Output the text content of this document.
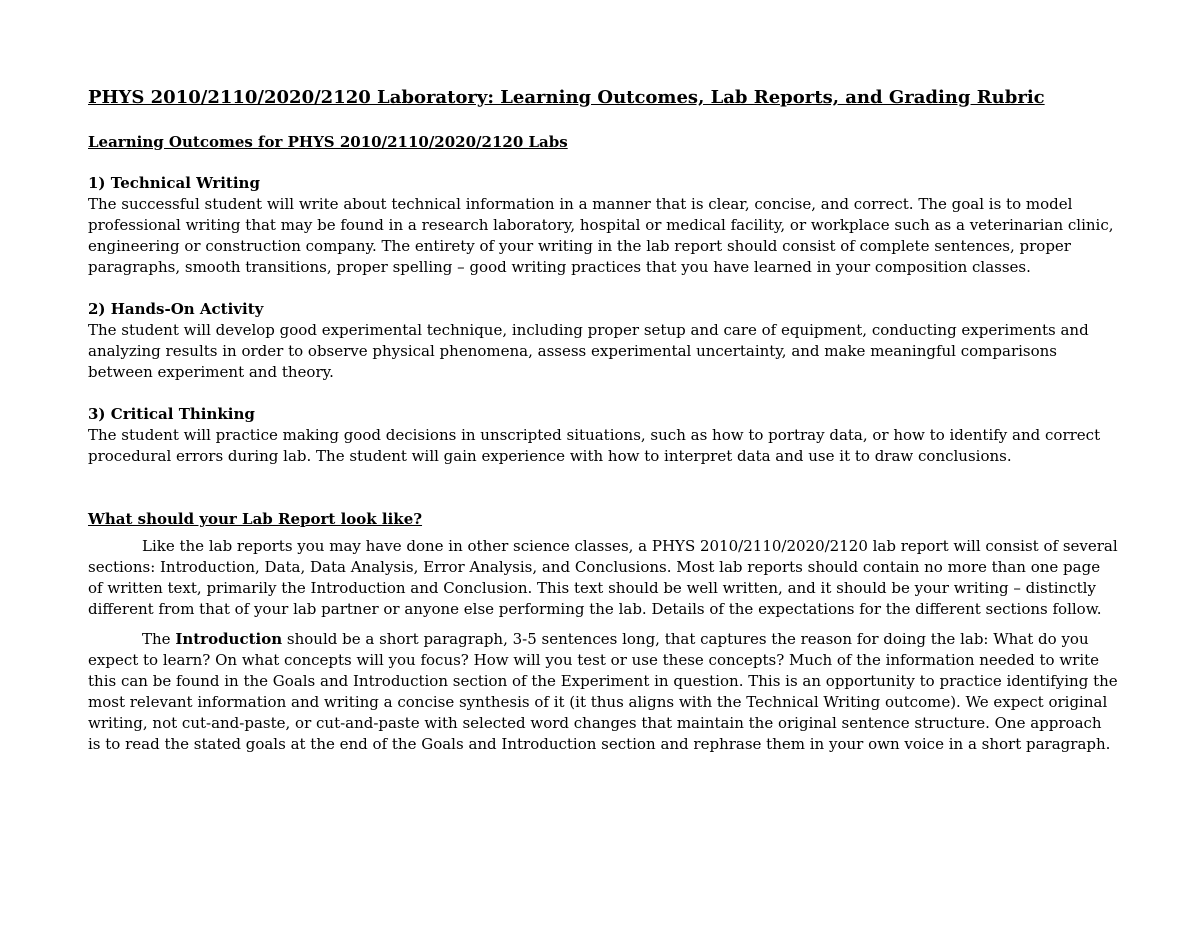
PHYS 2010/2110/2020/2120 Laboratory: Learning Outcomes, Lab Reports, and Grading Rubric
Learning Outcomes for PHYS 2010/2110/2020/2120 Labs
1) Technical Writing

The successful student will write about technical information in a manner that is clear, concise, and correct. The goal is to model professional writing that may be found in a research laboratory, hospital or medical facility, or workplace such as a veterinarian clinic, engineering or construction company. The entirety of your writing in the lab report should consist of complete sentences, proper paragraphs, smooth transitions, proper spelling – good writing practices that you have learned in your composition classes.

2) Hands-On Activity

The student will develop good experimental technique, including proper setup and care of equipment, conducting experiments and analyzing results in order to observe physical phenomena, assess experimental uncertainty, and make meaningful comparisons between experiment and theory.

3) Critical Thinking

The student will practice making good decisions in unscripted situations, such as how to portray data, or how to identify and correct procedural errors during lab. The student will gain experience with how to interpret data and use it to draw conclusions.

What should your Lab Report look like?

Like the lab reports you may have done in other science classes, a PHYS 2010/2110/2020/2120 lab report will consist of several sections: Introduction, Data, Data Analysis, Error Analysis, and Conclusions. Most lab reports should contain no more than one page of written text, primarily the Introduction and Conclusion. This text should be well written, and it should be your writing – distinctly different from that of your lab partner or anyone else performing the lab. Details of the expectations for the different sections follow.

The Introduction should be a short paragraph, 3-5 sentences long, that captures the reason for doing the lab: What do you expect to learn? On what concepts will you focus? How will you test or use these concepts? Much of the information needed to write this can be found in the Goals and Introduction section of the Experiment in question. This is an opportunity to practice identifying the most relevant information and writing a concise synthesis of it (it thus aligns with the Technical Writing outcome). We expect original writing, not cut-and-paste, or cut-and-paste with selected word changes that maintain the original sentence structure. One approach is to read the stated goals at the end of the Goals and Introduction section and rephrase them in your own voice in a short paragraph.
